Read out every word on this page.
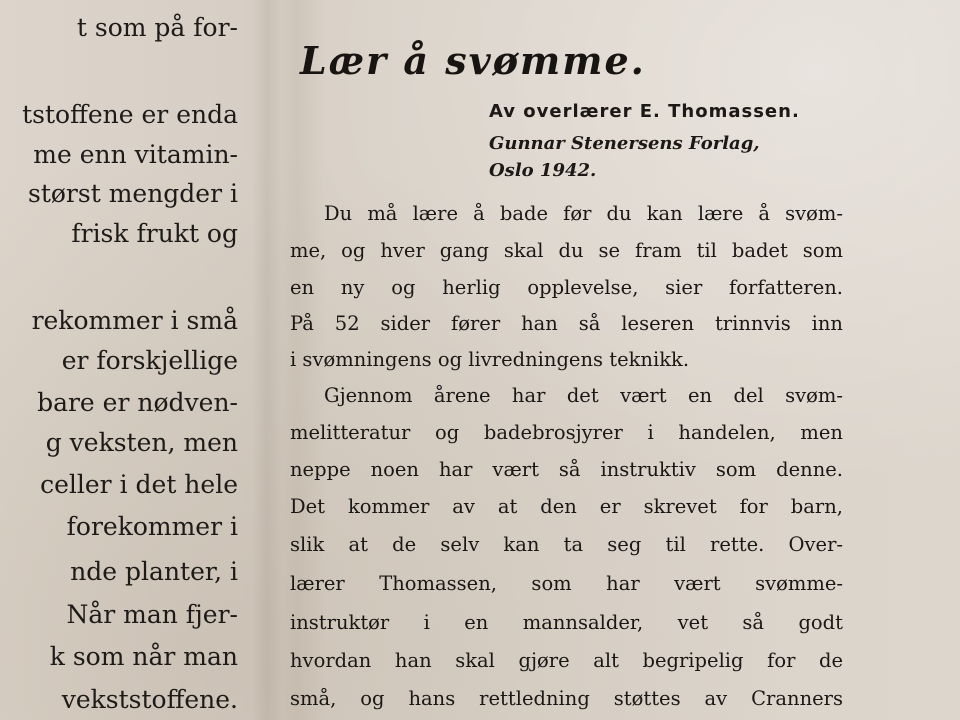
t som på for-

tstoffene er enda

me enn vitamin-

størst mengder i

frisk frukt og

rekommer i små

er forskjellige

bare er nødven-

g veksten, men

celler i det hele

forekommer i

nde planter, i

Når man fjer-

k som når man

vekststoffene.

Lær å svømme.
Av overlærer E. Thomassen.
Gunnar Stenersens Forlag,
Oslo 1942.

Du må lære å bade før du kan lære å svøm-

me, og hver gang skal du se fram til badet som

en ny og herlig opplevelse, sier forfatteren.

På 52 sider fører han så leseren trinnvis inn

i svømningens og livredningens teknikk.

Gjennom årene har det vært en del svøm-

melitteratur og badebrosjyrer i handelen, men

neppe noen har vært så instruktiv som denne.

Det kommer av at den er skrevet for barn,

slik at de selv kan ta seg til rette. Over-

lærer Thomassen, som har vært svømme-

instruktør i en mannsalder, vet så godt

hvordan han skal gjøre alt begripelig for de

små, og hans rettledning støttes av Cranners
